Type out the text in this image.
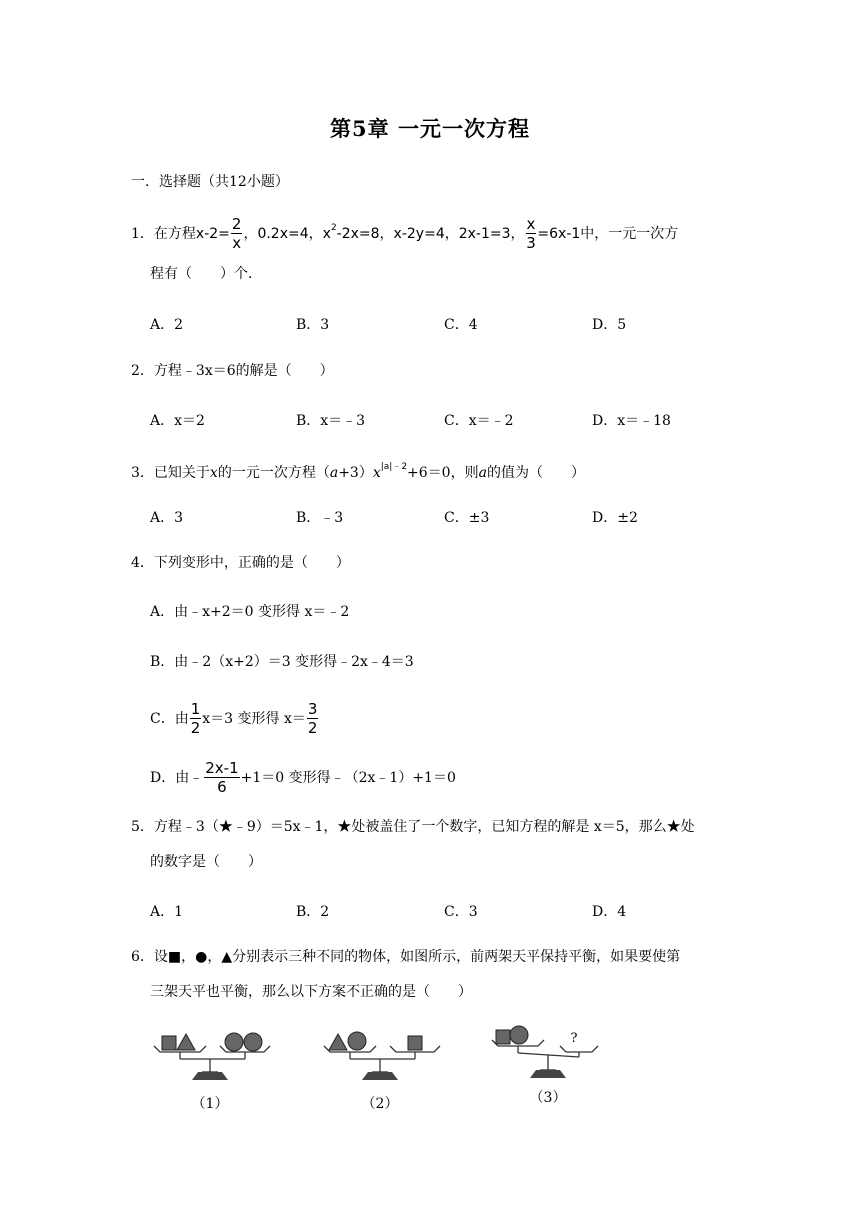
第5章 一元一次方程
一．选择题（共12小题）
1．在方程$x-2= \frac{2}{x}$ ，0.2x=4，$x^2-2x=8$，x-2y=4，2x-1=3， $\frac{x}{3} =6x-1$中，一元一次方
程有（　　）个．
A．2	B．3	C．4	D．5
2．方程﹣3x＝6的解是（　　）
A．x＝2	B．x＝﹣3	C．x＝﹣2	D．x＝﹣18
3．已知关于x的一元一次方程$(a+3)x^{|a|﹣2}+6=0$，则a的值为（　　）
A．3	B．﹣3	C．±3	D．±2
4．下列变形中，正确的是（　　）
A．由﹣x+2＝0 变形得 x＝﹣2
B．由﹣2（x+2）＝3 变形得﹣2x﹣4＝3
C．由 $\frac{1}{2} x=3$ 变形得 $x= \frac{3}{2}$
D．由﹣ $\frac{2x-1}{6} +1=0$ 变形得﹣（2x﹣1）+1＝0
5．方程﹣3（★﹣9）＝5x﹣1，★处被盖住了一个数字，已知方程的解是 x＝5，那么★处
的数字是（　　）
A．1	B．2	C．3	D．4
6．设■，●，▲分别表示三种不同的物体，如图所示，前两架天平保持平衡，如果要使第
三架天平也平衡，那么以下方案不正确的是（　　）
（1）	（2）
?
（3）
